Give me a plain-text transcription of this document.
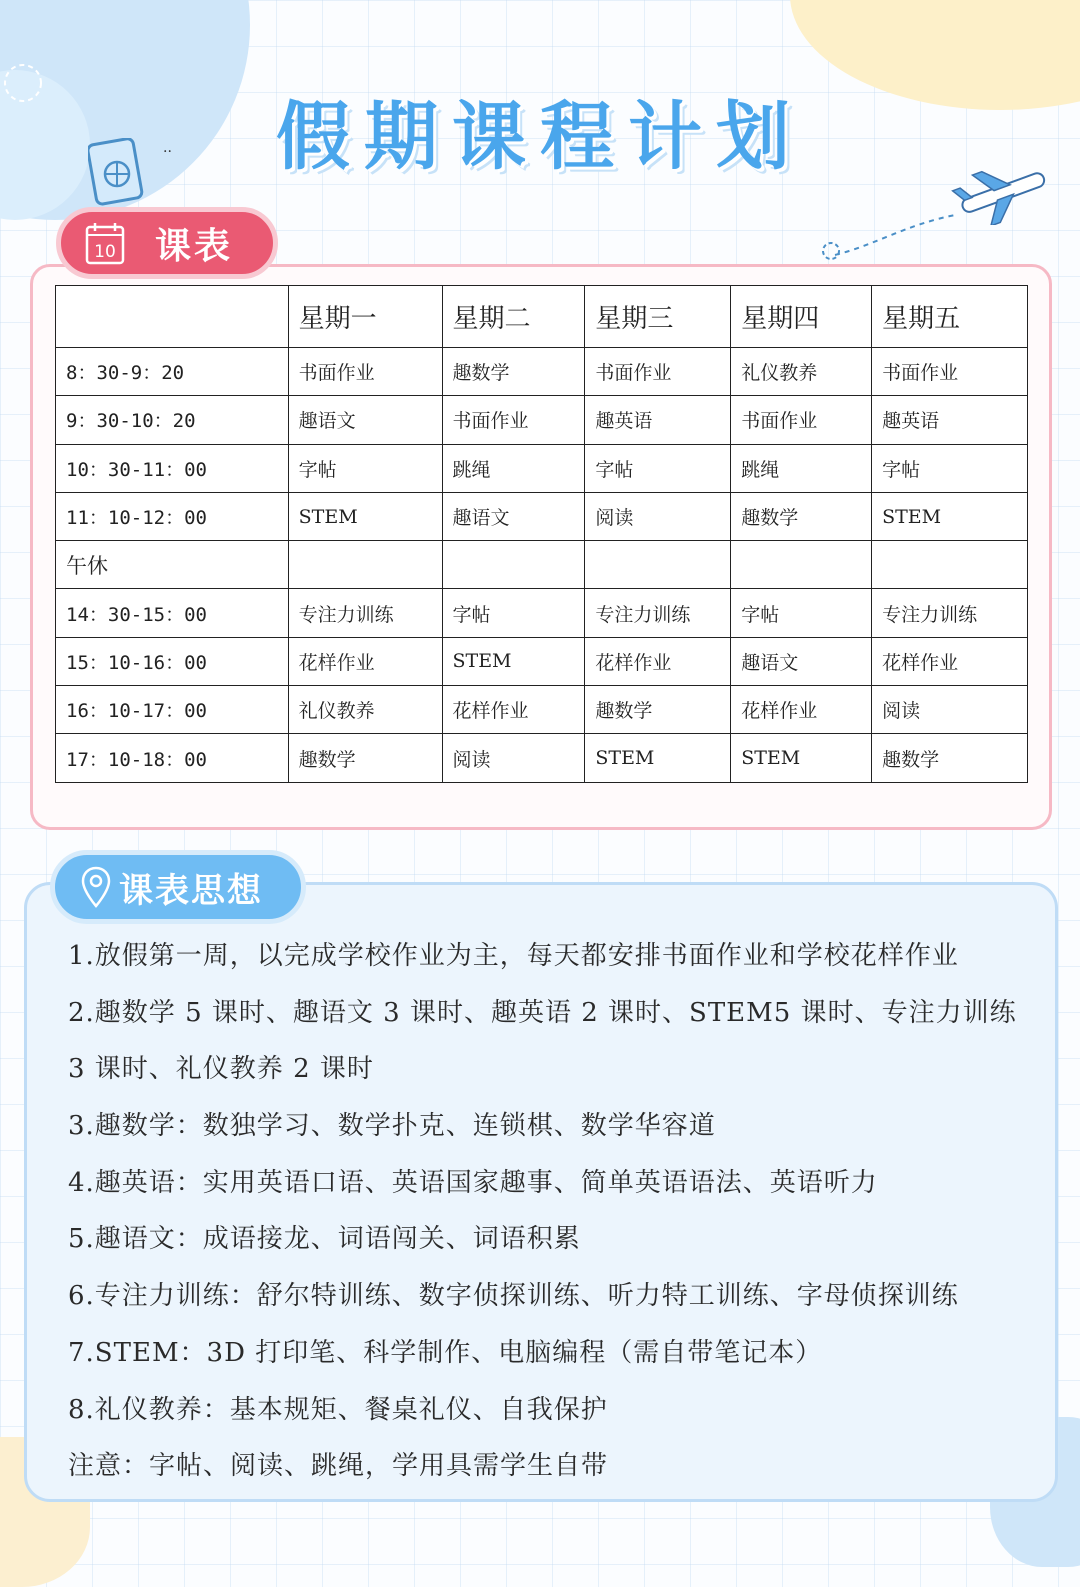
假期课程计划
..
10 课表
	星期一	星期二	星期三	星期四	星期五
8：30-9：20	书面作业	趣数学	书面作业	礼仪教养	书面作业
9：30-10：20	趣语文	书面作业	趣英语	书面作业	趣英语
10：30-11：00	字帖	跳绳	字帖	跳绳	字帖
11：10-12：00	STEM	趣语文	阅读	趣数学	STEM
午休					
14：30-15：00	专注力训练	字帖	专注力训练	字帖	专注力训练
15：10-16：00	花样作业	STEM	花样作业	趣语文	花样作业
16：10-17：00	礼仪教养	花样作业	趣数学	花样作业	阅读
17：10-18：00	趣数学	阅读	STEM	STEM	趣数学
课表思想
1.放假第一周，以完成学校作业为主，每天都安排书面作业和学校花样作业
2.趣数学 5 课时、趣语文 3 课时、趣英语 2 课时、STEM5 课时、专注力训练
3 课时、礼仪教养 2 课时
3.趣数学：数独学习、数学扑克、连锁棋、数学华容道
4.趣英语：实用英语口语、英语国家趣事、简单英语语法、英语听力
5.趣语文：成语接龙、词语闯关、词语积累
6.专注力训练：舒尔特训练、数字侦探训练、听力特工训练、字母侦探训练
7.STEM：3D 打印笔、科学制作、电脑编程（需自带笔记本）
8.礼仪教养：基本规矩、餐桌礼仪、自我保护
注意：字帖、阅读、跳绳，学用具需学生自带
